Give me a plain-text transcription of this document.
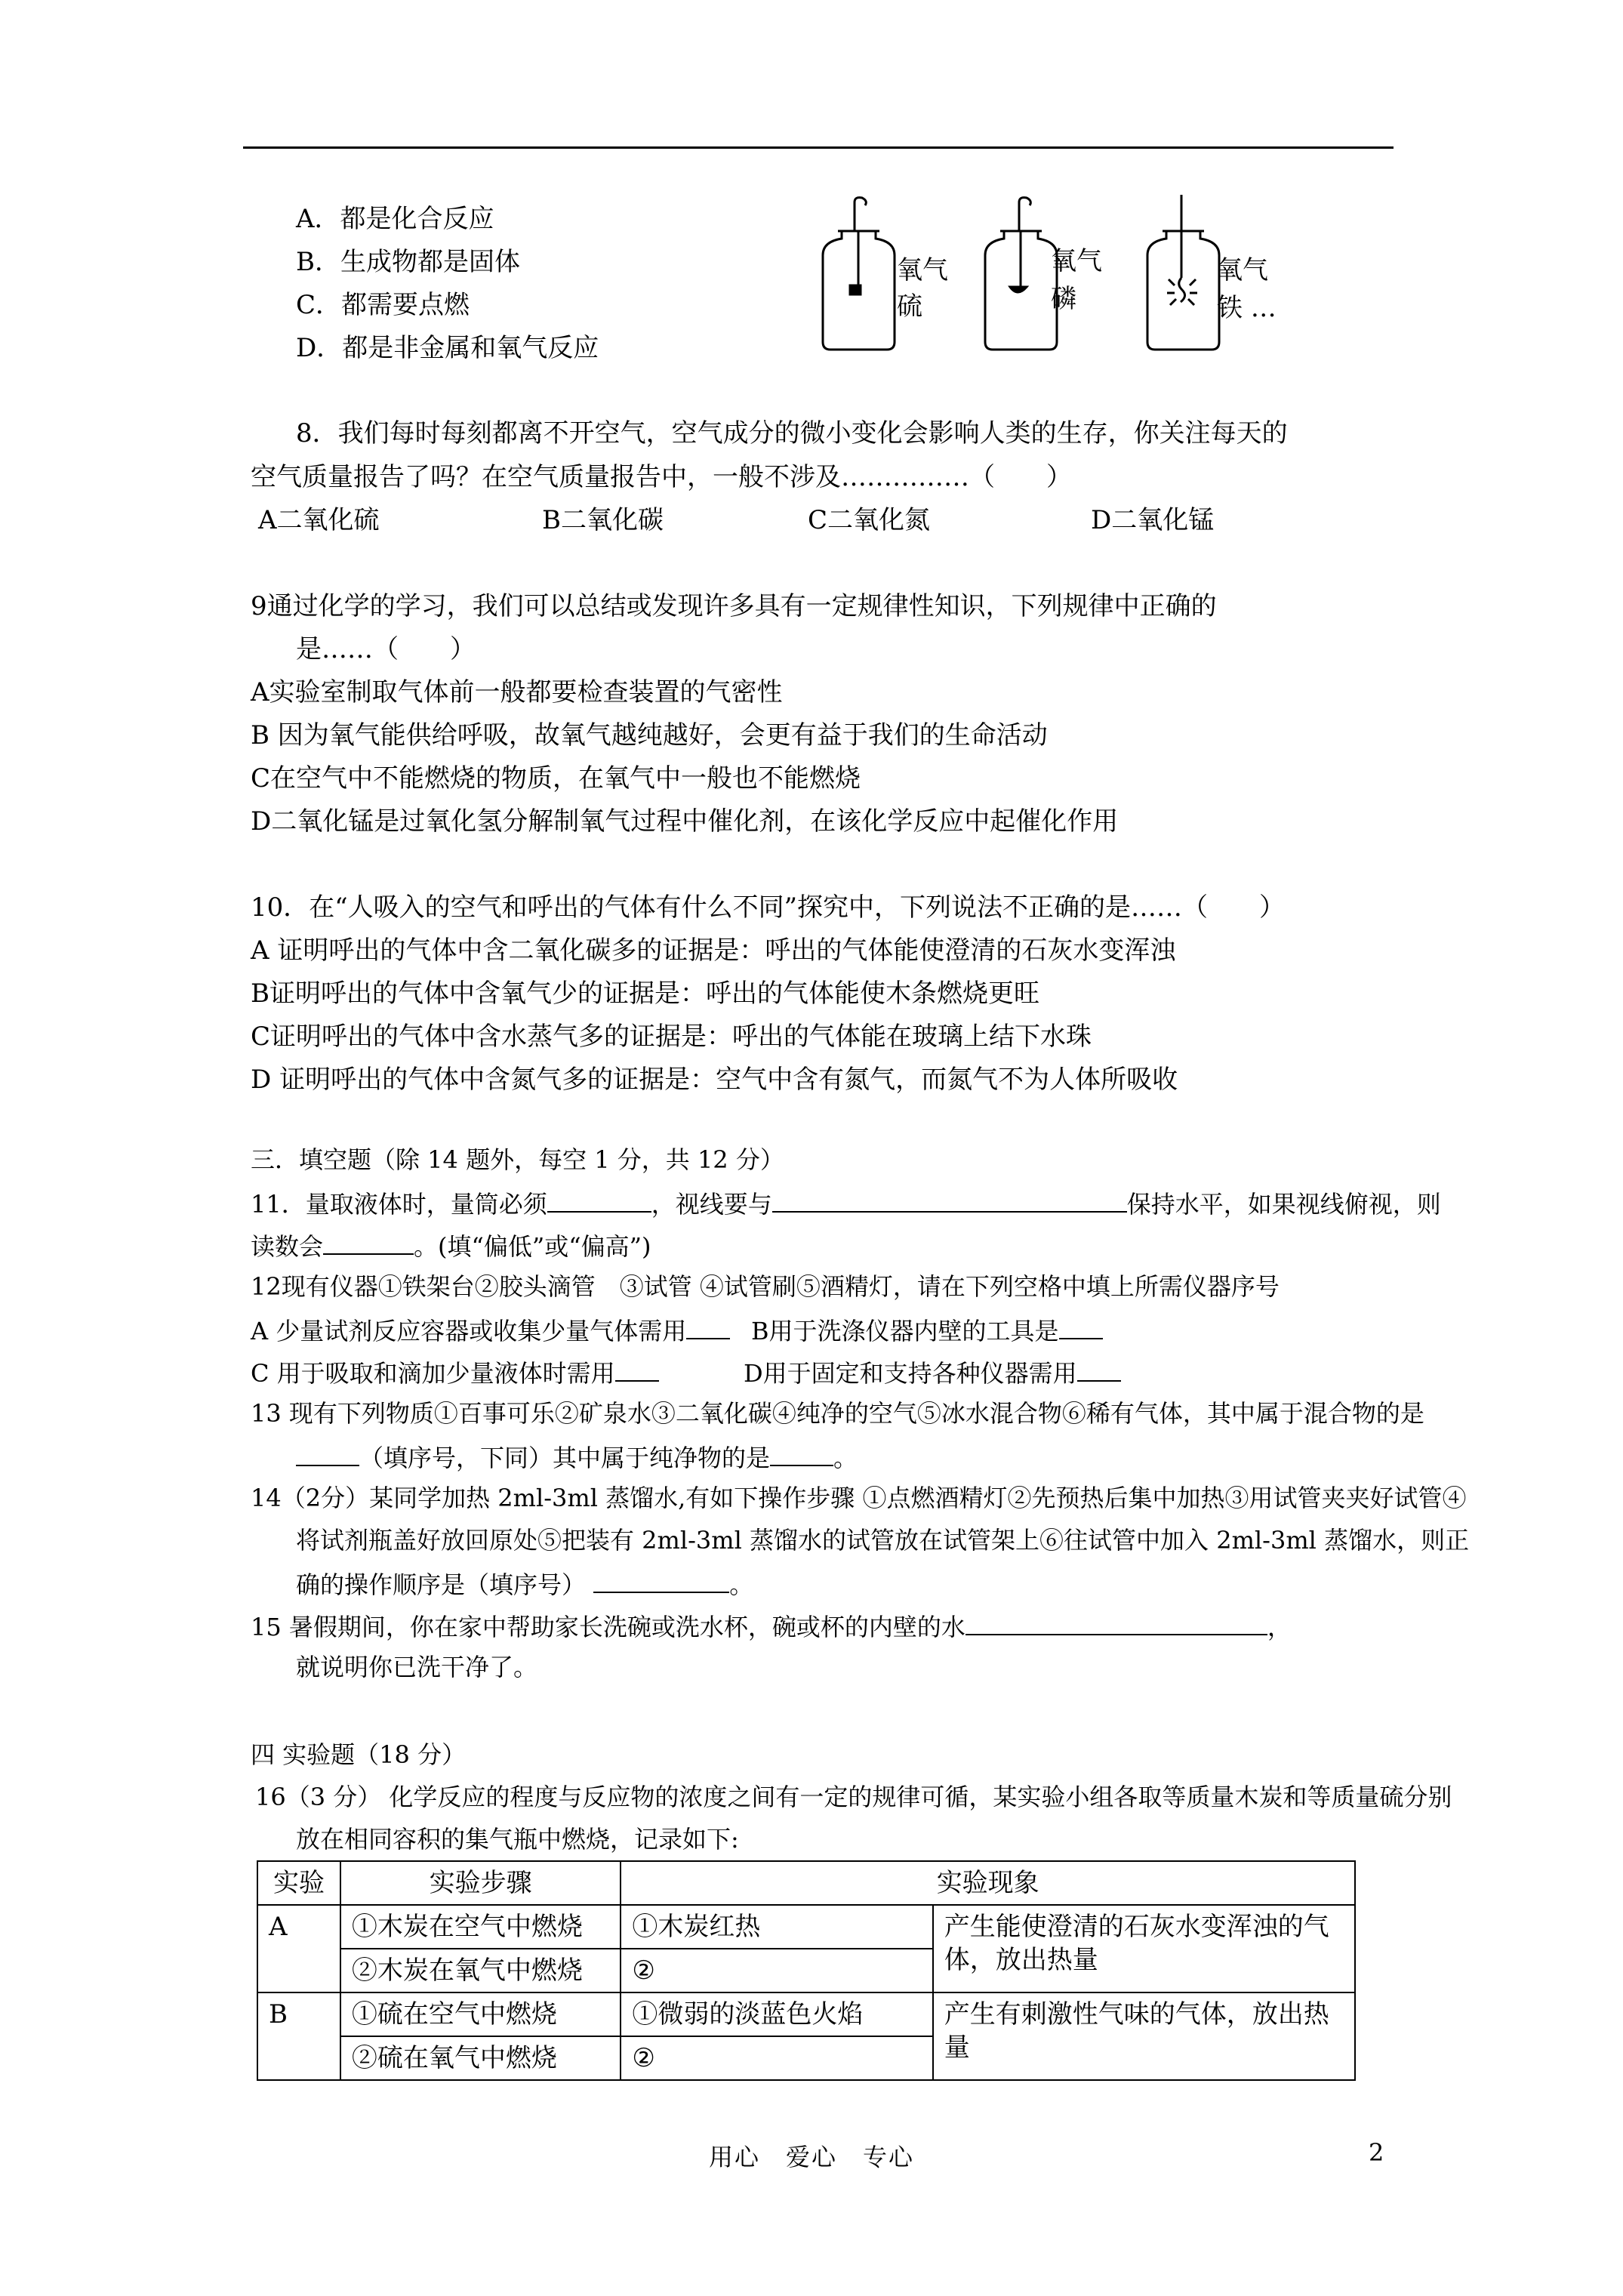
A．都是化合反应
B．生成物都是固体
C．都需要点燃
D．都是非金属和氧气反应
氧气
硫
氧气
磷
氧气
铁 …
8．我们每时每刻都离不开空气，空气成分的微小变化会影响人类的生存，你关注每天的
空气质量报告了吗？在空气质量报告中，一般不涉及……………（　　）
A二氧化硫	B二氧化碳	C二氧化氮	D二氧化锰
9通过化学的学习，我们可以总结或发现许多具有一定规律性知识，下列规律中正确的
是……（　　）
A实验室制取气体前一般都要检查装置的气密性
B 因为氧气能供给呼吸，故氧气越纯越好，会更有益于我们的生命活动
C在空气中不能燃烧的物质，在氧气中一般也不能燃烧
D二氧化锰是过氧化氢分解制氧气过程中催化剂，在该化学反应中起催化作用
10．在“人吸入的空气和呼出的气体有什么不同”探究中，下列说法不正确的是……（　　）
A 证明呼出的气体中含二氧化碳多的证据是：呼出的气体能使澄清的石灰水变浑浊
B证明呼出的气体中含氧气少的证据是：呼出的气体能使木条燃烧更旺
C证明呼出的气体中含水蒸气多的证据是：呼出的气体能在玻璃上结下水珠
D 证明呼出的气体中含氮气多的证据是：空气中含有氮气，而氮气不为人体所吸收
三．填空题（除 14 题外，每空 1 分，共 12 分）
11．量取液体时，量筒必须	，视线要与	保持水平，如果视线俯视，则
读数会	。(填“偏低”或“偏高”)
12现有仪器①铁架台②胶头滴管　③试管 ④试管刷⑤酒精灯，请在下列空格中填上所需仪器序号
A 少量试剂反应容器或收集少量气体需用	B用于洗涤仪器内壁的工具是
C 用于吸取和滴加少量液体时需用	D用于固定和支持各种仪器需用
13 现有下列物质①百事可乐②矿泉水③二氧化碳④纯净的空气⑤冰水混合物⑥稀有气体，其中属于混合物的是
（填序号，下同）其中属于纯净物的是	。
14（2分）某同学加热 2ml-3ml 蒸馏水,有如下操作步骤 ①点燃酒精灯②先预热后集中加热③用试管夹夹好试管④
将试剂瓶盖好放回原处⑤把装有 2ml-3ml 蒸馏水的试管放在试管架上⑥往试管中加入 2ml-3ml 蒸馏水，则正
确的操作顺序是（填序号）	。
15 暑假期间，你在家中帮助家长洗碗或洗水杯，碗或杯的内壁的水	，
就说明你已洗干净了。
四 实验题（18 分）
16（3 分） 化学反应的程度与反应物的浓度之间有一定的规律可循，某实验小组各取等质量木炭和等质量硫分别
放在相同容积的集气瓶中燃烧，记录如下:
实验	实验步骤	实验现象	
A	①木炭在空气中燃烧	①木炭红热	产生能使澄清的石灰水变浑浊的气体，放出热量
	②木炭在氧气中燃烧	②	
B	①硫在空气中燃烧	①微弱的淡蓝色火焰	产生有刺激性气味的气体，放出热量
	②硫在氧气中燃烧	②	
用心　爱心　专心	2
